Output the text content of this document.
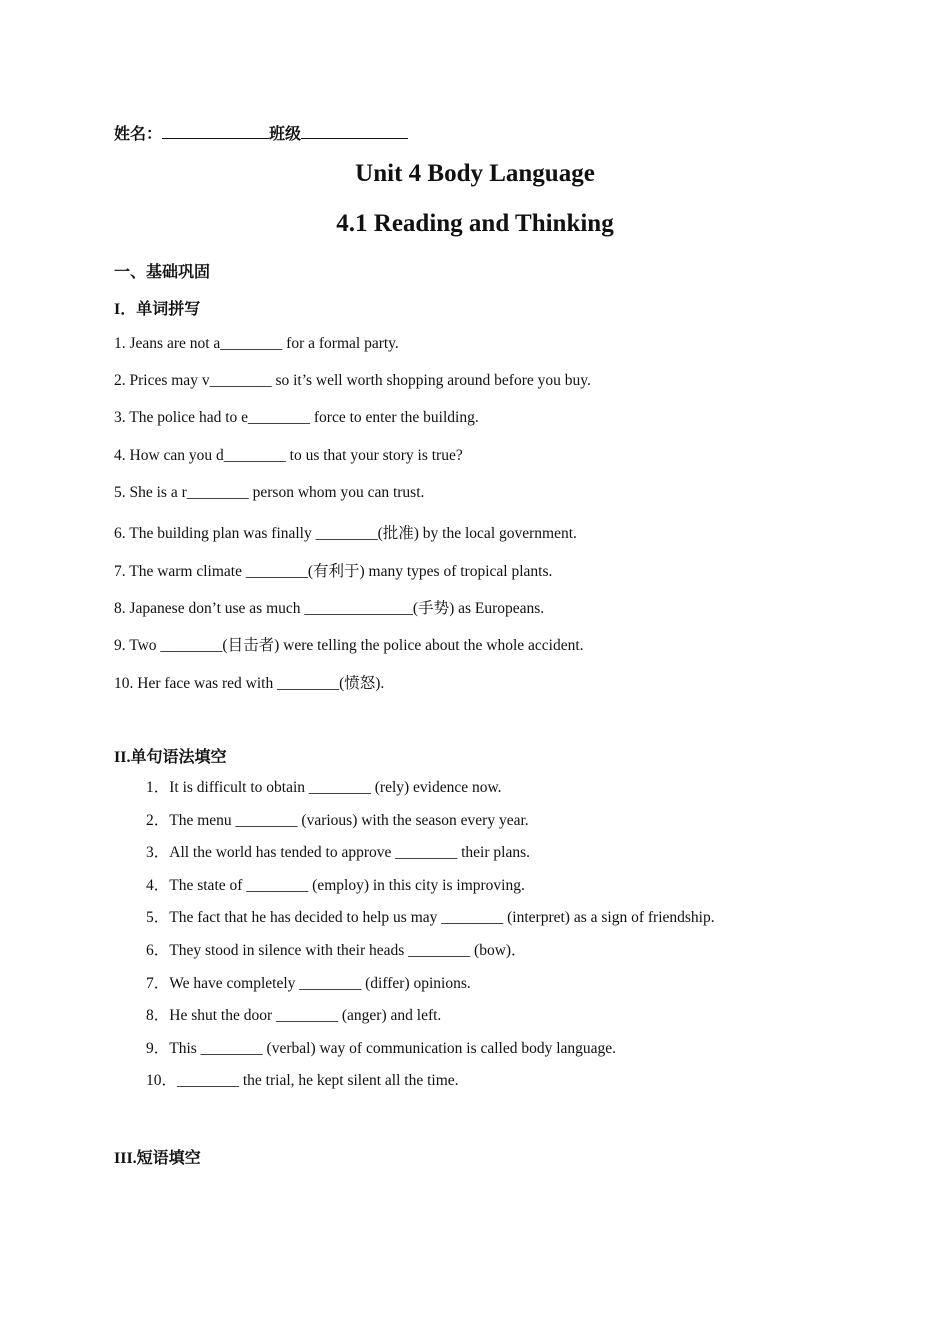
姓名：	班级
Unit 4 Body Language
4.1 Reading and Thinking
一、基础巩固
I．单词拼写
1. Jeans are not a________ for a formal party.
2. Prices may v________ so it’s well worth shopping around before you buy.
3. The police had to e________ force to enter the building.
4. How can you d________ to us that your story is true?
5. She is a r________ person whom you can trust.
6. The building plan was finally ________(批准) by the local government.
7. The warm climate ________(有利于) many types of tropical plants.
8. Japanese don’t use as much ______________(手势) as Europeans.
9. Two ________(目击者) were telling the police about the whole accident.
10. Her face was red with ________(愤怒).
II.单句语法填空
1．It is difficult to obtain ________ (rely) evidence now.
2．The menu ________ (various) with the season every year.
3．All the world has tended to approve ________ their plans.
4．The state of ________ (employ) in this city is improving.
5．The fact that he has decided to help us may ________ (interpret) as a sign of friendship.
6．They stood in silence with their heads ________ (bow)．
7．We have completely ________ (differ) opinions.
8．He shut the door ________ (anger) and left.
9．This ________ (verbal) way of communication is called body language.
10．________ the trial, he kept silent all the time.
III.短语填空
